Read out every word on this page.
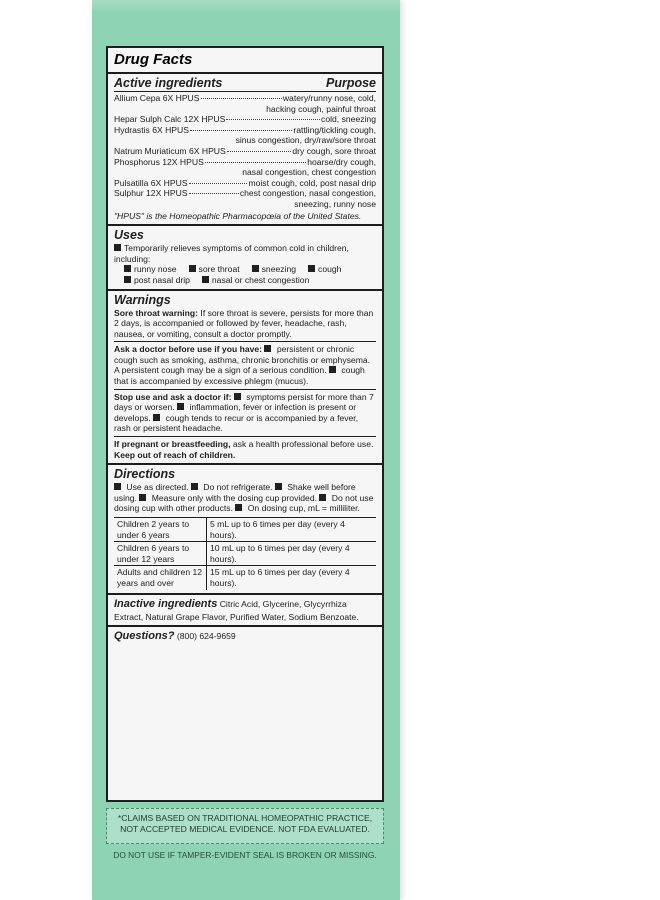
Drug Facts
Active ingredients	Purpose
Allium Cepa 6X HPUS	watery/runny nose, cold,
hacking cough, painful throat
Hepar Sulph Calc 12X HPUS	cold, sneezing
Hydrastis 6X HPUS	rattling/tickling cough,
sinus congestion, dry/raw/sore throat
Natrum Muriaticum 6X HPUS	dry cough, sore throat
Phosphorus 12X HPUS	hoarse/dry cough,
nasal congestion, chest congestion
Pulsatilla 6X HPUS	moist cough, cold, post nasal drip
Sulphur 12X HPUS	chest congestion, nasal congestion,
sneezing, runny nose
"HPUS" is the Homeopathic Pharmacopœia of the United States.
Uses
Temporarily relieves symptoms of common cold in children, including:
runny nose	sore throat	sneezing	cough
post nasal drip	nasal or chest congestion
Warnings
Sore throat warning: If sore throat is severe, persists for more than 2 days, is accompanied or followed by fever, headache, rash, nausea, or vomiting, consult a doctor promptly.
Ask a doctor before use if you have:  persistent or chronic cough such as smoking, asthma, chronic bronchitis or emphysema. A persistent cough may be a sign of a serious condition.  cough that is accompanied by excessive phlegm (mucus).
Stop use and ask a doctor if:  symptoms persist for more than 7 days or worsen.  inflammation, fever or infection is present or develops.  cough tends to recur or is accompanied by a fever, rash or persistent headache.
If pregnant or breastfeeding, ask a health professional before use. Keep out of reach of children.
Directions
Use as directed.  Do not refrigerate.  Shake well before using.  Measure only with the dosing cup provided.  Do not use dosing cup with other products.  On dosing cup, mL = milliliter.
Children 2 years to under 6 years	5 mL up to 6 times per day (every 4 hours).
Children 6 years to under 12 years	10 mL up to 6 times per day (every 4 hours).
Adults and children 12 years and over	15 mL up to 6 times per day (every 4 hours).
Inactive ingredients Citric Acid, Glycerine, Glycyrrhiza Extract, Natural Grape Flavor, Purified Water, Sodium Benzoate.
Questions? (800) 624-9659
*CLAIMS BASED ON TRADITIONAL HOMEOPATHIC PRACTICE, NOT ACCEPTED MEDICAL EVIDENCE. NOT FDA EVALUATED.
DO NOT USE IF TAMPER-EVIDENT SEAL IS BROKEN OR MISSING.
